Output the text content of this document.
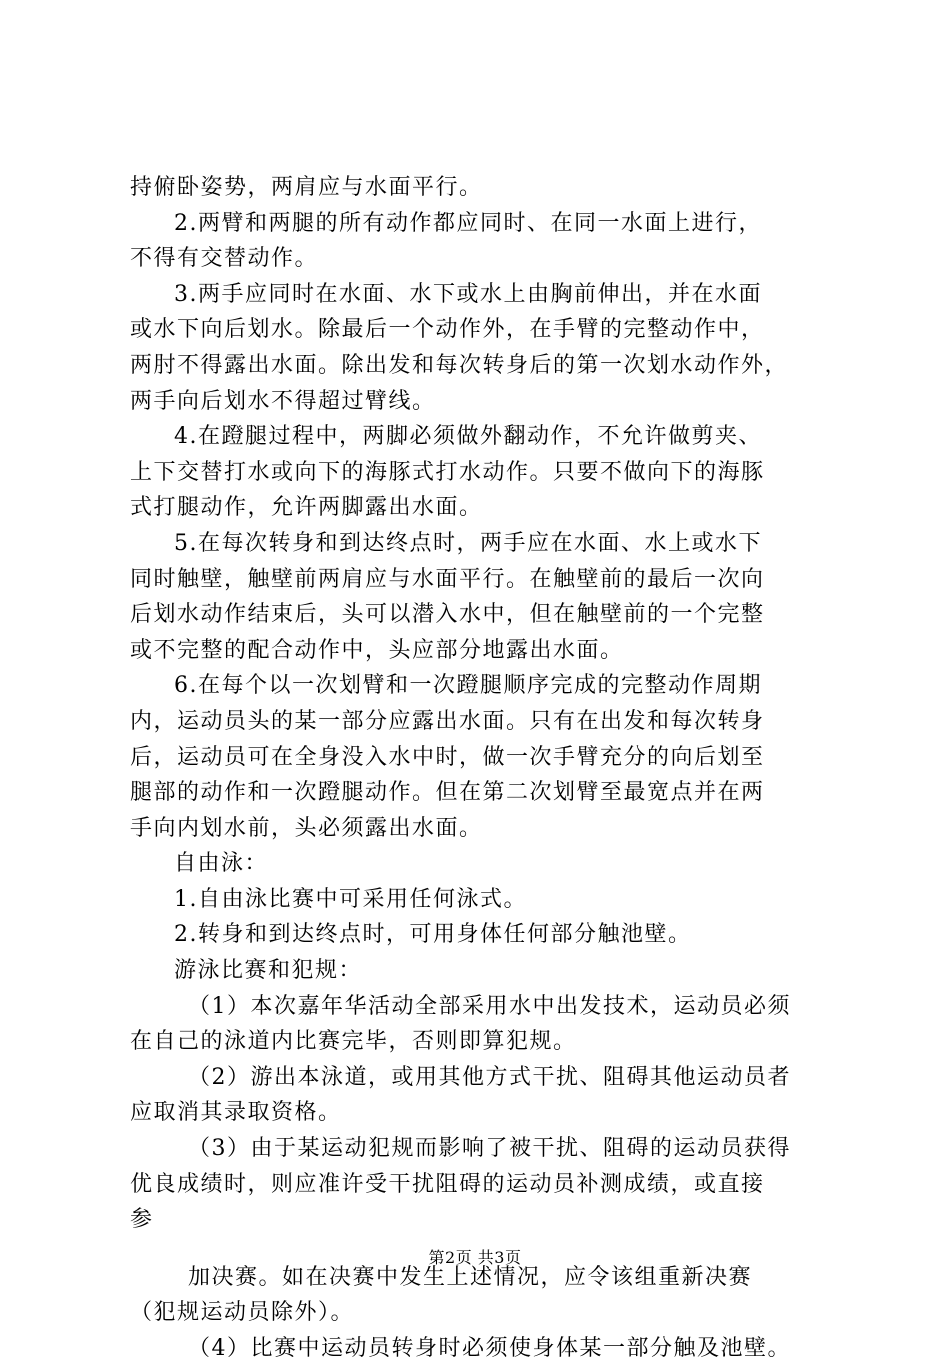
持俯卧姿势，两肩应与水面平行。
2.两臂和两腿的所有动作都应同时、在同一水面上进行，
不得有交替动作。
3.两手应同时在水面、水下或水上由胸前伸出，并在水面
或水下向后划水。除最后一个动作外，在手臂的完整动作中，
两肘不得露出水面。除出发和每次转身后的第一次划水动作外，
两手向后划水不得超过臂线。
4.在蹬腿过程中，两脚必须做外翻动作，不允许做剪夹、
上下交替打水或向下的海豚式打水动作。只要不做向下的海豚
式打腿动作，允许两脚露出水面。
5.在每次转身和到达终点时，两手应在水面、水上或水下
同时触壁，触壁前两肩应与水面平行。在触壁前的最后一次向
后划水动作结束后，头可以潜入水中，但在触壁前的一个完整
或不完整的配合动作中，头应部分地露出水面。
6.在每个以一次划臂和一次蹬腿顺序完成的完整动作周期
内，运动员头的某一部分应露出水面。只有在出发和每次转身
后，运动员可在全身没入水中时，做一次手臂充分的向后划至
腿部的动作和一次蹬腿动作。但在第二次划臂至最宽点并在两
手向内划水前，头必须露出水面。
自由泳：
1.自由泳比赛中可采用任何泳式。
2.转身和到达终点时，可用身体任何部分触池壁。
游泳比赛和犯规：
（1）本次嘉年华活动全部采用水中出发技术，运动员必须
在自己的泳道内比赛完毕，否则即算犯规。
（2）游出本泳道，或用其他方式干扰、阻碍其他运动员者
应取消其录取资格。
（3）由于某运动犯规而影响了被干扰、阻碍的运动员获得
优良成绩时，则应准许受干扰阻碍的运动员补测成绩，或直接
参
加决赛。如在决赛中发生上述情况，应令该组重新决赛
（犯规运动员除外）。
（4）比赛中运动员转身时必须使身体某一部分触及池壁。
第2页 共3页
